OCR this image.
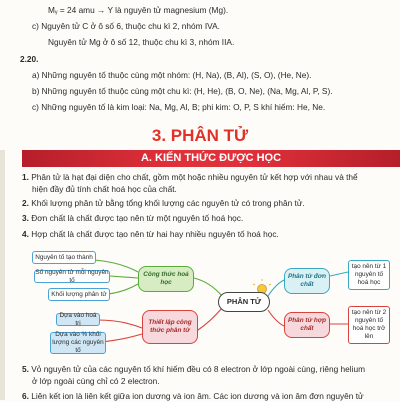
Mᵧ = 24 amu → Y là nguyên tử magnesium (Mg).
c) Nguyên tử C ở ô số 6, thuộc chu kì 2, nhóm IVA.
Nguyên tử Mg ở ô số 12, thuộc chu kì 3, nhóm IIA.
2.20.
a) Những nguyên tố thuộc cùng một nhóm: (H, Na), (B, Al), (S, O), (He, Ne).
b) Những nguyên tố thuộc cùng một chu kì: (H, He), (B, O, Ne), (Na, Mg, Al, P, S).
c) Những nguyên tố là kim loại: Na, Mg, Al, B; phi kim: O, P, S khí hiếm: He, Ne.
3. PHÂN TỬ
A. KIẾN THỨC ĐƯỢC HỌC
1. Phân tử là hạt đại diện cho chất, gồm một hoặc nhiều nguyên tử kết hợp với nhau và thể
hiện đầy đủ tính chất hoá học của chất.
2. Khối lượng phân tử bằng tổng khối lượng các nguyên tử có trong phân tử.
3. Đơn chất là chất được tạo nên từ một nguyên tố hoá học.
4. Hợp chất là chất được tạo nên từ hai hay nhiều nguyên tố hoá học.
Nguyên tố tạo thành
Số nguyên tử mỗi nguyên tố
Khối lượng phân tử
Công thức hoá học
Dựa vào hoá trị
Dựa vào % khối lượng các nguyên tố
Thiết lập công thức phân tử
PHÂN TỬ
Phân tử đơn chất
tạo nên từ 1 nguyên tố hoá học
Phân tử hợp chất
tạo nên từ 2 nguyên tố hoá học trở lên
5. Vỏ nguyên tử của các nguyên tố khí hiếm đều có 8 electron ở lớp ngoài cùng, riêng helium
ở lớp ngoài cùng chỉ có 2 electron.
6. Liên kết ion là liên kết giữa ion dương và ion âm. Các ion dương và ion âm đơn nguyên tử
